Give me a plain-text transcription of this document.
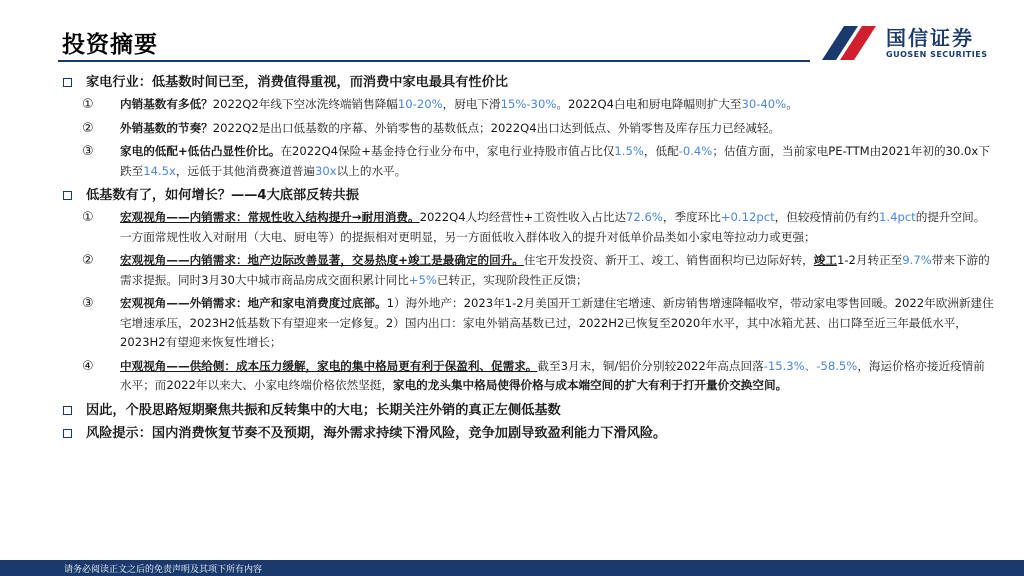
投资摘要	国信证券
GUOSEN SECURITIES
家电行业：低基数时间已至，消费值得重视，而消费中家电最具有性价比
① 内销基数有多低？2022Q2年线下空冰洗终端销售降幅10-20%，厨电下滑15%-30%。2022Q4白电和厨电降幅则扩大至30-40%。
② 外销基数的节奏？2022Q2是出口低基数的序幕、外销零售的基数低点；2022Q4出口达到低点、外销零售及库存压力已经减轻。
③ 家电的低配+低估凸显性价比。在2022Q4保险+基金持仓行业分布中，家电行业持股市值占比仅1.5%，低配-0.4%；估值方面，当前家电PE-TTM由2021年初的30.0x下跌至14.5x，远低于其他消费赛道普遍30x以上的水平。
低基数有了，如何增长？——4大底部反转共振
① 宏观视角——内销需求：常规性收入结构提升→耐用消费。2022Q4人均经营性+工资性收入占比达72.6%，季度环比+0.12pct，但较疫情前仍有约1.4pct的提升空间。一方面常规性收入对耐用（大电、厨电等）的提振相对更明显，另一方面低收入群体收入的提升对低单价品类如小家电等拉动力或更强；
② 宏观视角——内销需求：地产边际改善显著，交易热度+竣工是最确定的回升。住宅开发投资、新开工、竣工、销售面积均已边际好转，竣工1-2月转正至9.7%带来下游的需求提振。同时3月30大中城市商品房成交面积累计同比+5%已转正，实现阶段性正反馈；
③ 宏观视角——外销需求：地产和家电消费度过底部。1）海外地产：2023年1-2月美国开工新建住宅增速、新房销售增速降幅收窄，带动家电零售回暖。2022年欧洲新建住宅增速承压，2023H2低基数下有望迎来一定修复。2）国内出口：家电外销高基数已过，2022H2已恢复至2020年水平，其中冰箱尤甚、出口降至近三年最低水平，2023H2有望迎来恢复性增长；
④ 中观视角——供给侧：成本压力缓解，家电的集中格局更有利于保盈利、促需求。截至3月末，铜/铝价分别较2022年高点回落-15.3%、-58.5%，海运价格亦接近疫情前水平；而2022年以来大、小家电终端价格依然坚挺，家电的龙头集中格局使得价格与成本端空间的扩大有利于打开量价交换空间。
因此，个股思路短期聚焦共振和反转集中的大电；长期关注外销的真正左侧低基数
风险提示：国内消费恢复节奏不及预期，海外需求持续下滑风险，竞争加剧导致盈利能力下滑风险。
请务必阅读正文之后的免责声明及其项下所有内容
